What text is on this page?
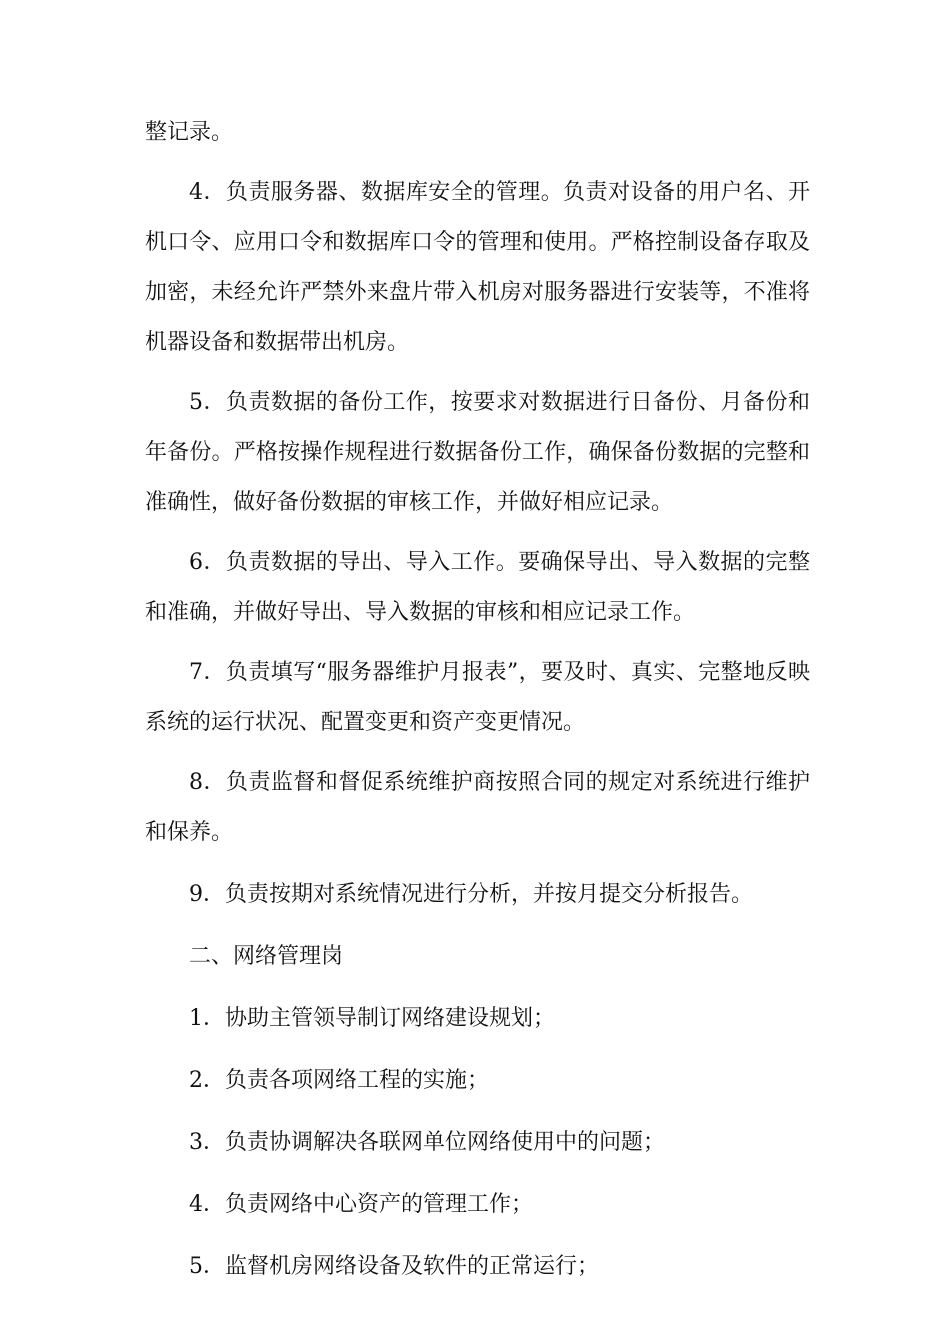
整记录。

4．负责服务器、数据库安全的管理。负责对设备的用户名、开机口令、应用口令和数据库口令的管理和使用。严格控制设备存取及加密，未经允许严禁外来盘片带入机房对服务器进行安装等，不准将机器设备和数据带出机房。

5．负责数据的备份工作，按要求对数据进行日备份、月备份和年备份。严格按操作规程进行数据备份工作，确保备份数据的完整和准确性，做好备份数据的审核工作，并做好相应记录。

6．负责数据的导出、导入工作。要确保导出、导入数据的完整和准确，并做好导出、导入数据的审核和相应记录工作。

7．负责填写“服务器维护月报表”，要及时、真实、完整地反映系统的运行状况、配置变更和资产变更情况。

8．负责监督和督促系统维护商按照合同的规定对系统进行维护和保养。

9．负责按期对系统情况进行分析，并按月提交分析报告。

二、网络管理岗

1．协助主管领导制订网络建设规划；

2．负责各项网络工程的实施；

3．负责协调解决各联网单位网络使用中的问题；

4．负责网络中心资产的管理工作；

5．监督机房网络设备及软件的正常运行；
